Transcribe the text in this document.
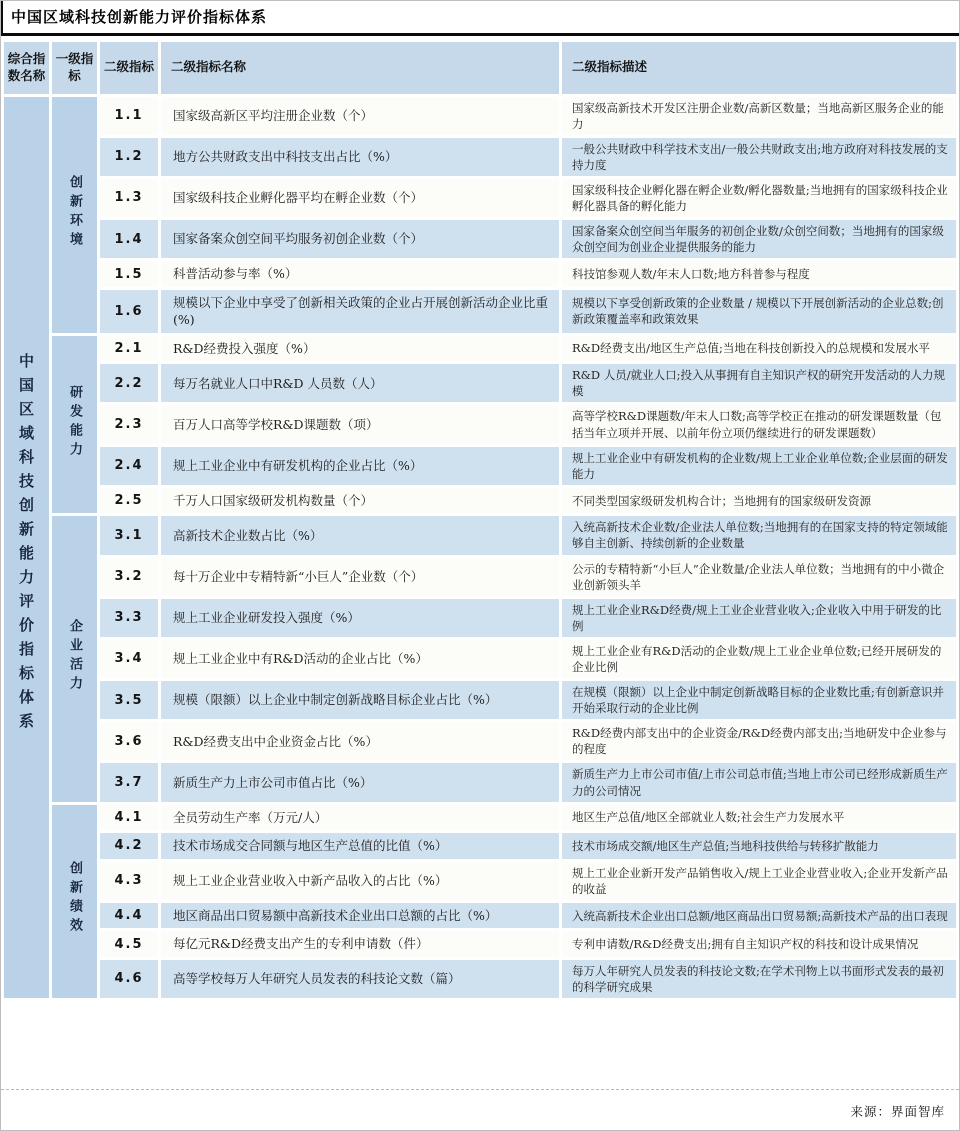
中国区域科技创新能力评价指标体系
综合指数名称	一级指标	二级指标	二级指标名称	二级指标描述
中国区域科技创新能力评价指标体系	创新环境	1.1	国家级高新区平均注册企业数（个）	国家级高新技术开发区注册企业数/高新区数量；当地高新区服务企业的能力
		1.2	地方公共财政支出中科技支出占比（%）	一般公共财政中科学技术支出/一般公共财政支出;地方政府对科技发展的支持力度
		1.3	国家级科技企业孵化器平均在孵企业数（个）	国家级科技企业孵化器在孵企业数/孵化器数量;当地拥有的国家级科技企业孵化器具备的孵化能力
		1.4	国家备案众创空间平均服务初创企业数（个）	国家备案众创空间当年服务的初创企业数/众创空间数；当地拥有的国家级众创空间为创业企业提供服务的能力
		1.5	科普活动参与率（%）	科技馆参观人数/年末人口数;地方科普参与程度
		1.6	规模以下企业中享受了创新相关政策的企业占开展创新活动企业比重(%)	规模以下享受创新政策的企业数量 / 规模以下开展创新活动的企业总数;创新政策覆盖率和政策效果
	研发能力	2.1	R&D经费投入强度（%）	R&D经费支出/地区生产总值;当地在科技创新投入的总规模和发展水平
		2.2	每万名就业人口中R&D 人员数（人）	R&D 人员/就业人口;投入从事拥有自主知识产权的研究开发活动的人力规模
		2.3	百万人口高等学校R&D课题数（项）	高等学校R&D课题数/年末人口数;高等学校正在推动的研发课题数量（包括当年立项并开展、以前年份立项仍继续进行的研发课题数）
		2.4	规上工业企业中有研发机构的企业占比（%）	规上工业企业中有研发机构的企业数/规上工业企业单位数;企业层面的研发能力
		2.5	千万人口国家级研发机构数量（个）	不同类型国家级研发机构合计；当地拥有的国家级研发资源
	企业活力	3.1	高新技术企业数占比（%）	入统高新技术企业数/企业法人单位数;当地拥有的在国家支持的特定领域能够自主创新、持续创新的企业数量
		3.2	每十万企业中专精特新“小巨人”企业数（个）	公示的专精特新“小巨人”企业数量/企业法人单位数；当地拥有的中小微企业创新领头羊
		3.3	规上工业企业研发投入强度（%）	规上工业企业R&D经费/规上工业企业营业收入;企业收入中用于研发的比例
		3.4	规上工业企业中有R&D活动的企业占比（%）	规上工业企业有R&D活动的企业数/规上工业企业单位数;已经开展研发的企业比例
		3.5	规模（限额）以上企业中制定创新战略目标企业占比（%）	在规模（限额）以上企业中制定创新战略目标的企业数比重;有创新意识并开始采取行动的企业比例
		3.6	R&D经费支出中企业资金占比（%）	R&D经费内部支出中的企业资金/R&D经费内部支出;当地研发中企业参与的程度
		3.7	新质生产力上市公司市值占比（%）	新质生产力上市公司市值/上市公司总市值;当地上市公司已经形成新质生产力的公司情况
	创新绩效	4.1	全员劳动生产率（万元/人）	地区生产总值/地区全部就业人数;社会生产力发展水平
		4.2	技术市场成交合同额与地区生产总值的比值（%）	技术市场成交额/地区生产总值;当地科技供给与转移扩散能力
		4.3	规上工业企业营业收入中新产品收入的占比（%）	规上工业企业新开发产品销售收入/规上工业企业营业收入;企业开发新产品的收益
		4.4	地区商品出口贸易额中高新技术企业出口总额的占比（%）	入统高新技术企业出口总额/地区商品出口贸易额;高新技术产品的出口表现
		4.5	每亿元R&D经费支出产生的专利申请数（件）	专利申请数/R&D经费支出;拥有自主知识产权的科技和设计成果情况
		4.6	高等学校每万人年研究人员发表的科技论文数（篇）	每万人年研究人员发表的科技论文数;在学术刊物上以书面形式发表的最初的科学研究成果
来源：界面智库
